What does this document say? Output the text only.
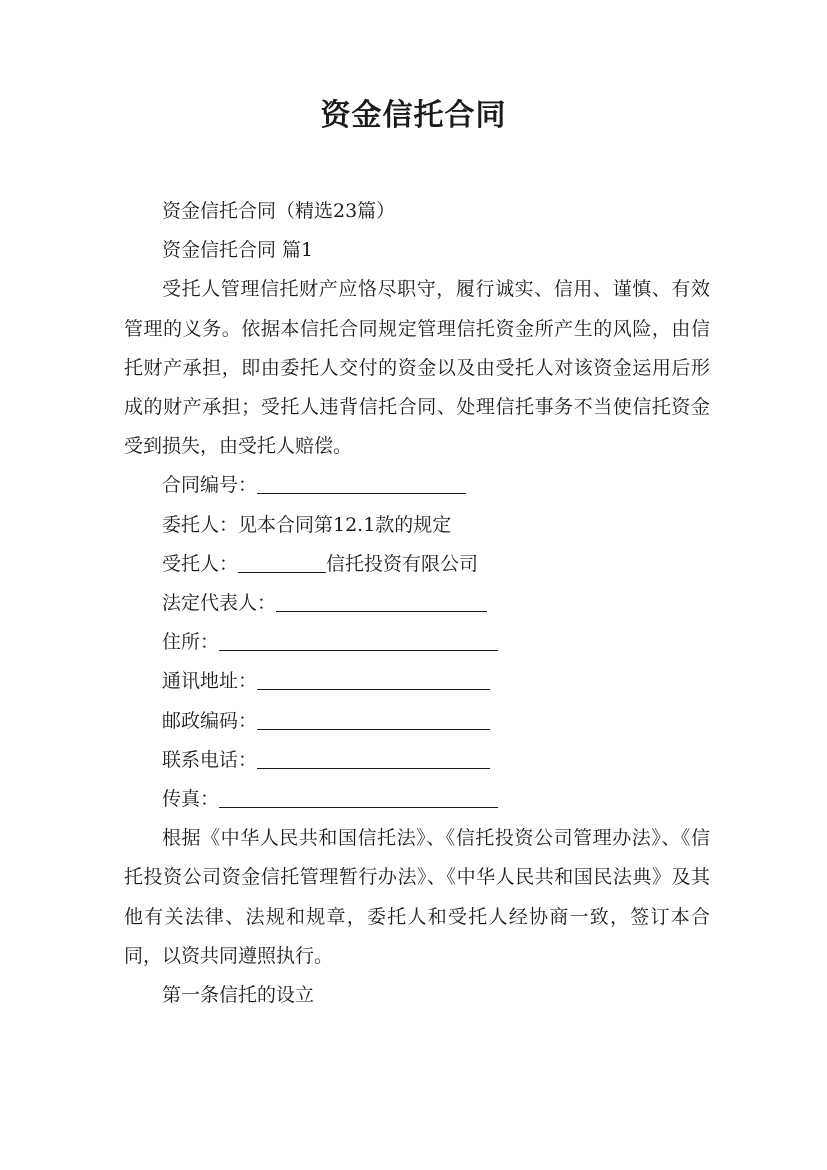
资金信托合同

资金信托合同（精选23篇）

资金信托合同 篇1

受托人管理信托财产应恪尽职守，履行诚实、信用、谨慎、有效管理的义务。依据本信托合同规定管理信托资金所产生的风险，由信托财产承担，即由委托人交付的资金以及由受托人对该资金运用后形成的财产承担；受托人违背信托合同、处理信托事务不当使信托资金受到损失，由受托人赔偿。

合同编号：

委托人：见本合同第12.1款的规定

受托人：	信托投资有限公司

法定代表人：

住所：

通讯地址：

邮政编码：

联系电话：

传真：

根据《中华人民共和国信托法》、《信托投资公司管理办法》、《信托投资公司资金信托管理暂行办法》、《中华人民共和国民法典》及其他有关法律、法规和规章，委托人和受托人经协商一致，签订本合同，以资共同遵照执行。

第一条信托的设立
